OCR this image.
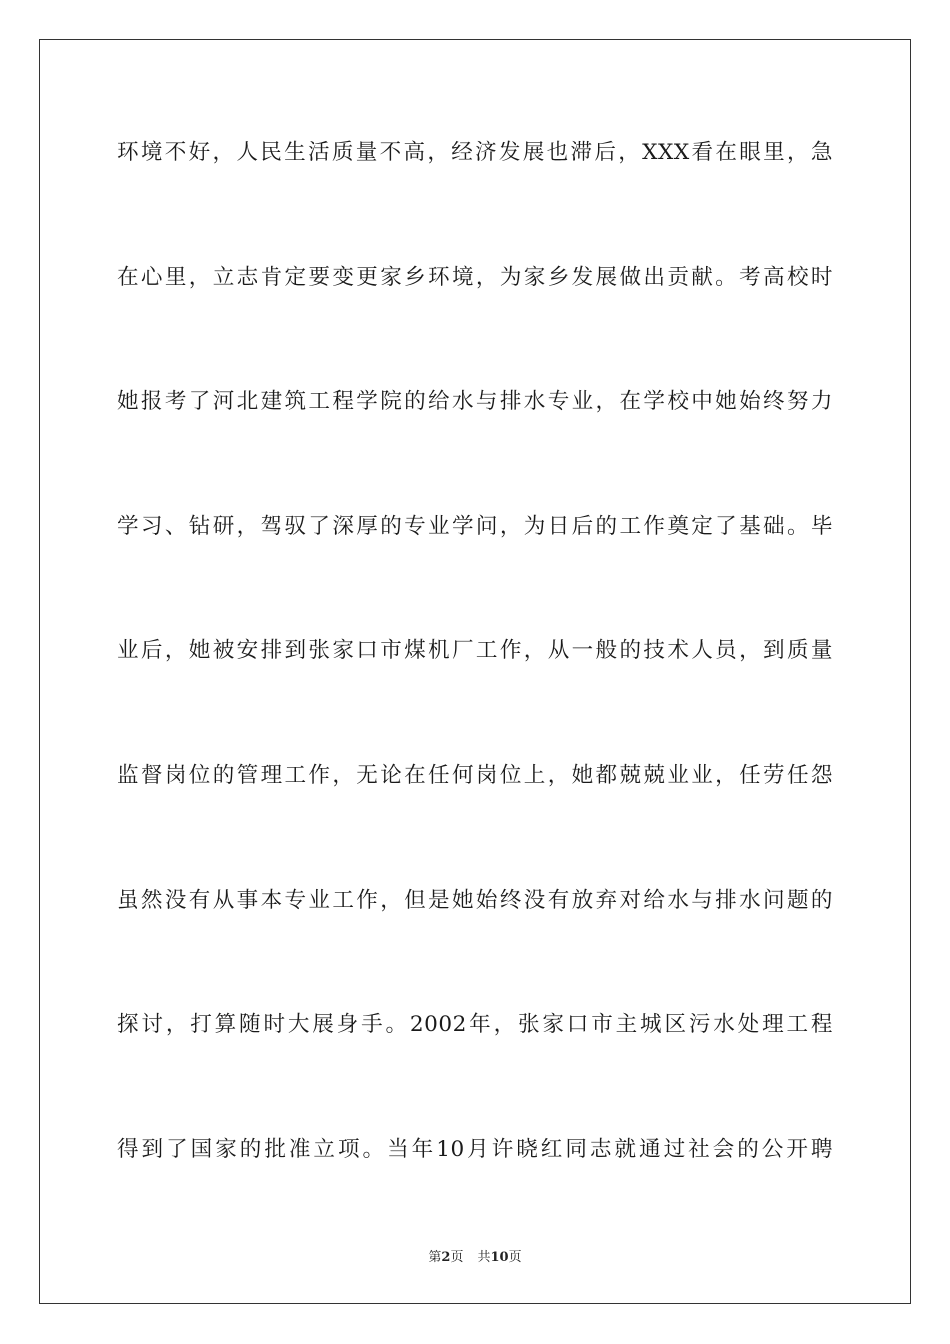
环境不好，人民生活质量不高，经济发展也滞后，XXX看在眼里，急
在心里，立志肯定要变更家乡环境，为家乡发展做出贡献。考高校时
她报考了河北建筑工程学院的给水与排水专业，在学校中她始终努力
学习、钻研，驾驭了深厚的专业学问，为日后的工作奠定了基础。毕
业后，她被安排到张家口市煤机厂工作，从一般的技术人员，到质量
监督岗位的管理工作，无论在任何岗位上，她都兢兢业业，任劳任怨
虽然没有从事本专业工作，但是她始终没有放弃对给水与排水问题的
探讨，打算随时大展身手。2002年，张家口市主城区污水处理工程
得到了国家的批准立项。当年10月许晓红同志就通过社会的公开聘
第2页 共10页
